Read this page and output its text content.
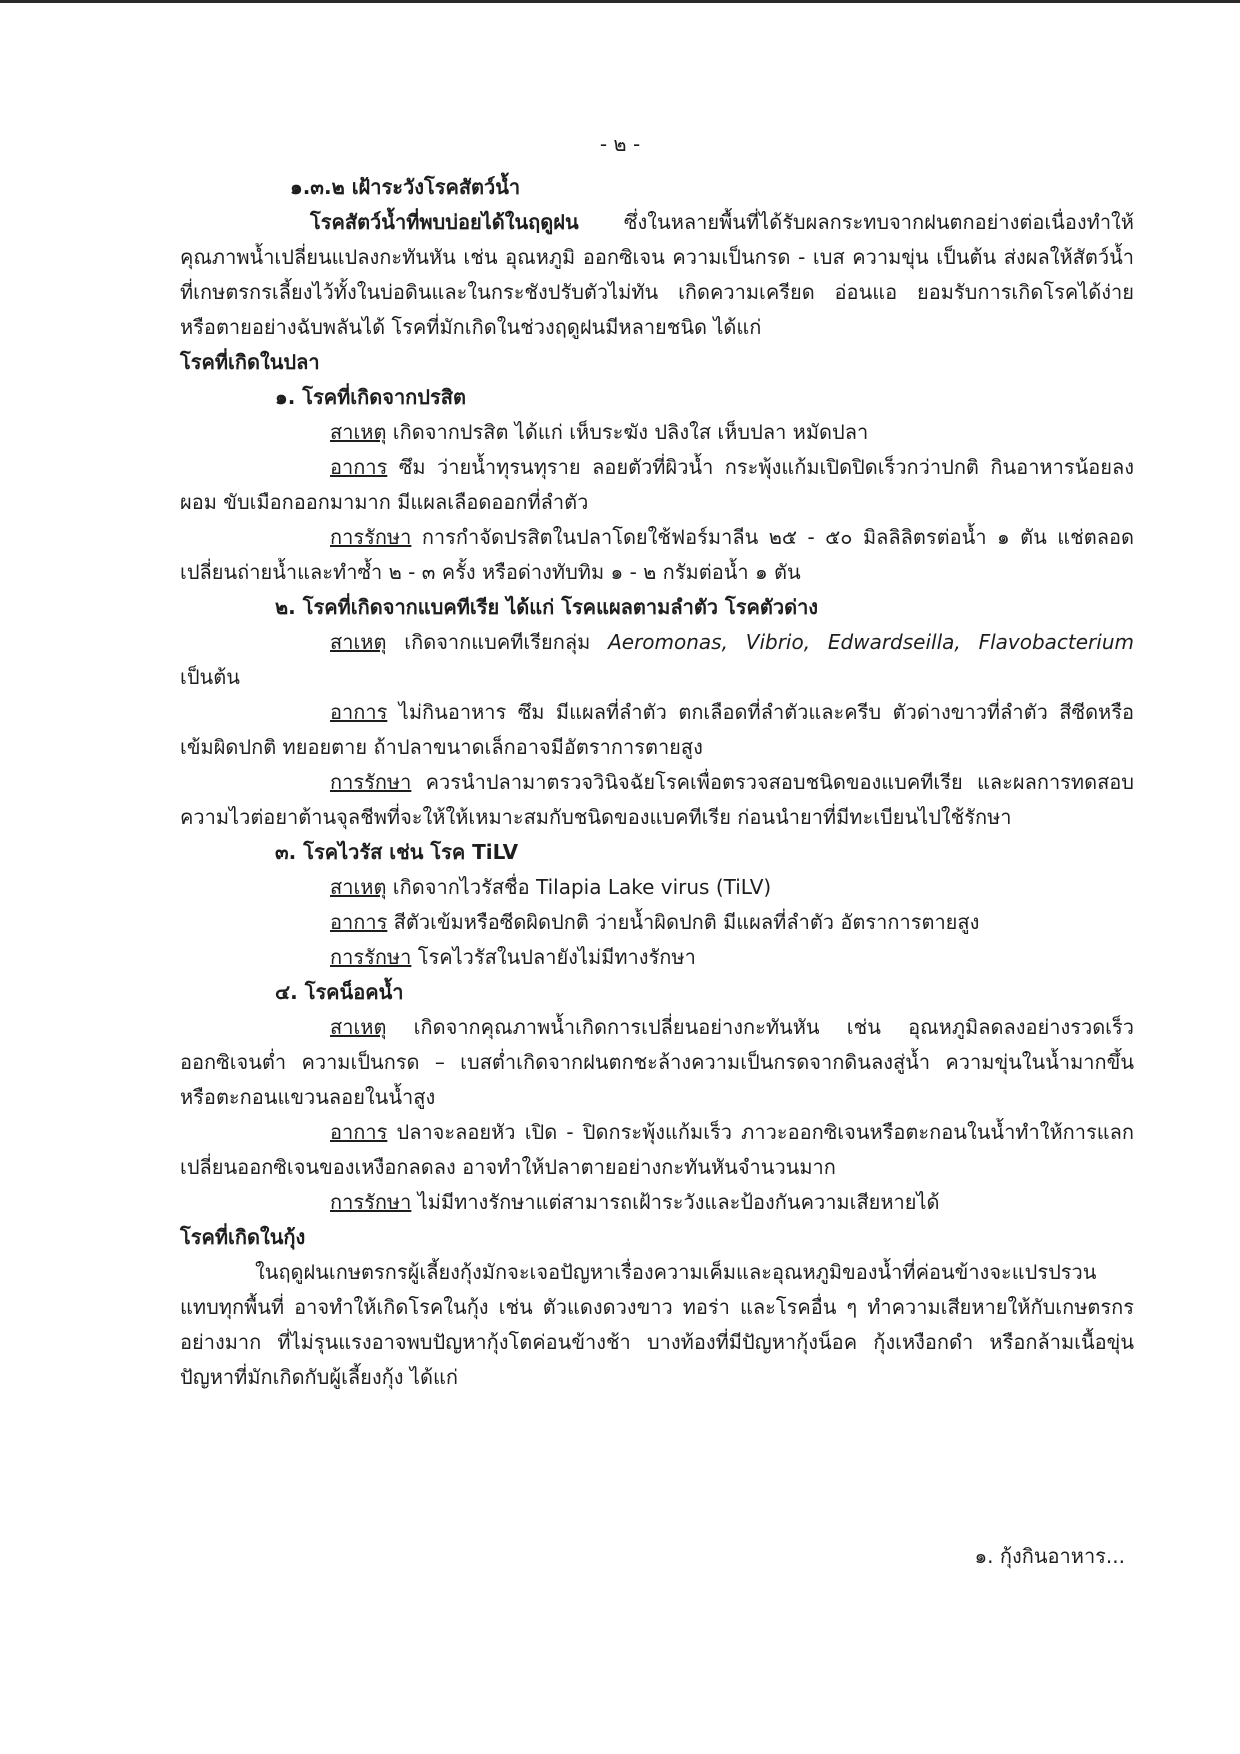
- ๒ -

๑.๓.๒ เฝ้าระวังโรคสัตว์น้ำ

โรคสัตว์น้ำที่พบบ่อยได้ในฤดูฝน ซึ่งในหลายพื้นที่ได้รับผลกระทบจากฝนตกอย่างต่อเนื่องทำให้คุณภาพน้ำเปลี่ยนแปลงกะทันหัน เช่น อุณหภูมิ ออกซิเจน ความเป็นกรด - เบส ความขุ่น เป็นต้น ส่งผลให้สัตว์น้ำที่เกษตรกรเลี้ยงไว้ทั้งในบ่อดินและในกระชังปรับตัวไม่ทัน เกิดความเครียด อ่อนแอ ยอมรับการเกิดโรคได้ง่าย หรือตายอย่างฉับพลันได้ โรคที่มักเกิดในช่วงฤดูฝนมีหลายชนิด ได้แก่

โรคที่เกิดในปลา

๑. โรคที่เกิดจากปรสิต

สาเหตุ เกิดจากปรสิต ได้แก่ เห็บระฆัง ปลิงใส เห็บปลา หมัดปลา

อาการ ซึม ว่ายน้ำทุรนทุราย ลอยตัวที่ผิวน้ำ กระพุ้งแก้มเปิดปิดเร็วกว่าปกติ กินอาหารน้อยลงผอม ขับเมือกออกมามาก มีแผลเลือดออกที่ลำตัว

การรักษา การกำจัดปรสิตในปลาโดยใช้ฟอร์มาลีน ๒๕ - ๕๐ มิลลิลิตรต่อน้ำ ๑ ตัน แช่ตลอดเปลี่ยนถ่ายน้ำและทำซ้ำ ๒ - ๓ ครั้ง หรือด่างทับทิม ๑ - ๒ กรัมต่อน้ำ ๑ ตัน

๒. โรคที่เกิดจากแบคทีเรีย ได้แก่ โรคแผลตามลำตัว โรคตัวด่าง

สาเหตุ เกิดจากแบคทีเรียกลุ่ม Aeromonas, Vibrio, Edwardseilla, Flavobacterium เป็นต้น

อาการ ไม่กินอาหาร ซึม มีแผลที่ลำตัว ตกเลือดที่ลำตัวและครีบ ตัวด่างขาวที่ลำตัว สีซีดหรือเข้มผิดปกติ ทยอยตาย ถ้าปลาขนาดเล็กอาจมีอัตราการตายสูง

การรักษา ควรนำปลามาตรวจวินิจฉัยโรคเพื่อตรวจสอบชนิดของแบคทีเรีย และผลการทดสอบความไวต่อยาต้านจุลชีพที่จะให้ให้เหมาะสมกับชนิดของแบคทีเรีย ก่อนนำยาที่มีทะเบียนไปใช้รักษา

๓. โรคไวรัส เช่น โรค TiLV

สาเหตุ เกิดจากไวรัสชื่อ Tilapia Lake virus (TiLV)

อาการ สีตัวเข้มหรือซีดผิดปกติ ว่ายน้ำผิดปกติ มีแผลที่ลำตัว อัตราการตายสูง

การรักษา โรคไวรัสในปลายังไม่มีทางรักษา

๔. โรคน็อคน้ำ

สาเหตุ เกิดจากคุณภาพน้ำเกิดการเปลี่ยนอย่างกะทันหัน เช่น อุณหภูมิลดลงอย่างรวดเร็วออกซิเจนต่ำ ความเป็นกรด – เบสต่ำเกิดจากฝนตกชะล้างความเป็นกรดจากดินลงสู่น้ำ ความขุ่นในน้ำมากขึ้นหรือตะกอนแขวนลอยในน้ำสูง

อาการ ปลาจะลอยหัว เปิด - ปิดกระพุ้งแก้มเร็ว ภาวะออกซิเจนหรือตะกอนในน้ำทำให้การแลกเปลี่ยนออกซิเจนของเหงือกลดลง อาจทำให้ปลาตายอย่างกะทันหันจำนวนมาก

การรักษา ไม่มีทางรักษาแต่สามารถเฝ้าระวังและป้องกันความเสียหายได้

โรคที่เกิดในกุ้ง

ในฤดูฝนเกษตรกรผู้เลี้ยงกุ้งมักจะเจอปัญหาเรื่องความเค็มและอุณหภูมิของน้ำที่ค่อนข้างจะแปรปรวนแทบทุกพื้นที่ อาจทำให้เกิดโรคในกุ้ง เช่น ตัวแดงดวงขาว ทอร่า และโรคอื่น ๆ ทำความเสียหายให้กับเกษตรกรอย่างมาก ที่ไม่รุนแรงอาจพบปัญหากุ้งโตค่อนข้างช้า บางท้องที่มีปัญหากุ้งน็อค กุ้งเหงือกดำ หรือกล้ามเนื้อขุ่นปัญหาที่มักเกิดกับผู้เลี้ยงกุ้ง ได้แก่

๑. กุ้งกินอาหาร...
